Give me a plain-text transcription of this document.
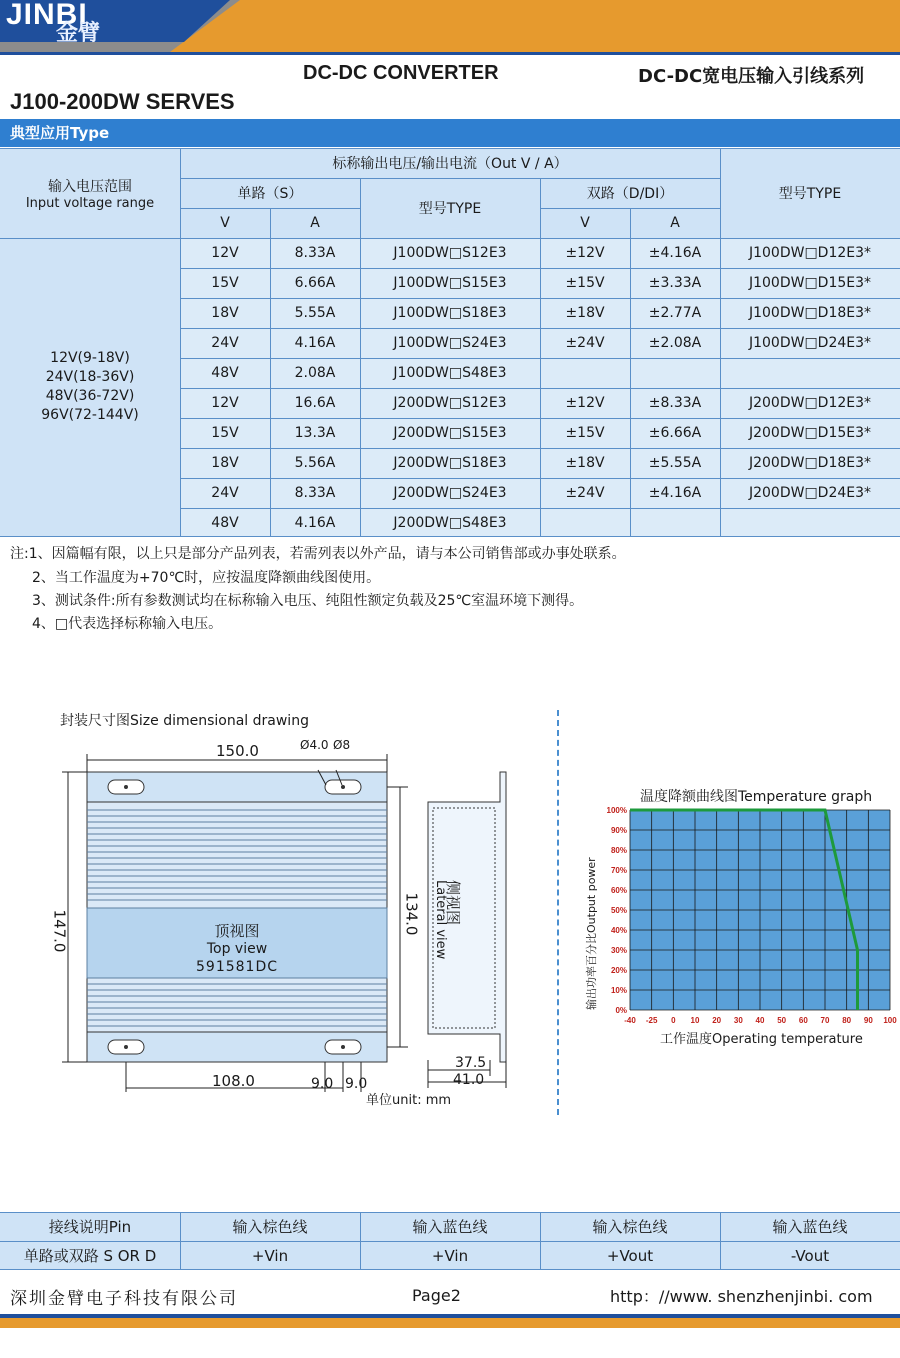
JINBI
金臂
DC-DC CONVERTER	DC-DC宽电压输入引线系列
J100-200DW SERVES
典型应用Type
输入电压范围
Input voltage range
标称输出电压/输出电流（Out V / A）
单路（S）
型号TYPE
双路（D/DI）	型号TYPE
V	A	V	A
12V(9-18V)
24V(18-36V)
48V(36-72V)
96V(72-144V)
12V	8.33A	J100DW□S12E3	±12V	±4.16A	J100DW□D12E3*
15V	6.66A	J100DW□S15E3	±15V	±3.33A	J100DW□D15E3*
18V	5.55A	J100DW□S18E3	±18V	±2.77A	J100DW□D18E3*
24V	4.16A	J100DW□S24E3	±24V	±2.08A	J100DW□D24E3*
48V	2.08A	J100DW□S48E3
12V	16.6A	J200DW□S12E3	±12V	±8.33A	J200DW□D12E3*
15V	13.3A	J200DW□S15E3	±15V	±6.66A	J200DW□D15E3*
18V	5.56A	J200DW□S18E3	±18V	±5.55A	J200DW□D18E3*
24V	8.33A	J200DW□S24E3	±24V	±4.16A	J200DW□D24E3*
48V	4.16A	J200DW□S48E3
注:1、因篇幅有限，以上只是部分产品列表，若需列表以外产品，请与本公司销售部或办事处联系。
2、当工作温度为+70℃时，应按温度降额曲线图使用。
3、测试条件:所有参数测试均在标称输入电压、纯阻性额定负载及25℃室温环境下测得。
4、□代表选择标称输入电压。
封装尺寸图Size dimensional drawing
150.0	Ø4.0 Ø8
147.0	134.0
顶视图
Top view
591581DC
侧视图
Lateral view
108.0	9.0 9.0
37.5
41.0
单位unit: mm
温度降额曲线图Temperature graph
输出功率百分比Output power
-40 -25 0 10 20 30 40 50 60 70 80 90 100
0%
10%
20%
30%
40%
50%
60%
70%
80%
90%
100%
工作温度Operating temperature
接线说明Pin	输入棕色线	输入蓝色线	输入棕色线	输入蓝色线
单路或双路 S OR D	+Vin	+Vin	+Vout	-Vout
深圳金臂电子科技有限公司	Page2	http：//www. shenzhenjinbi. com
